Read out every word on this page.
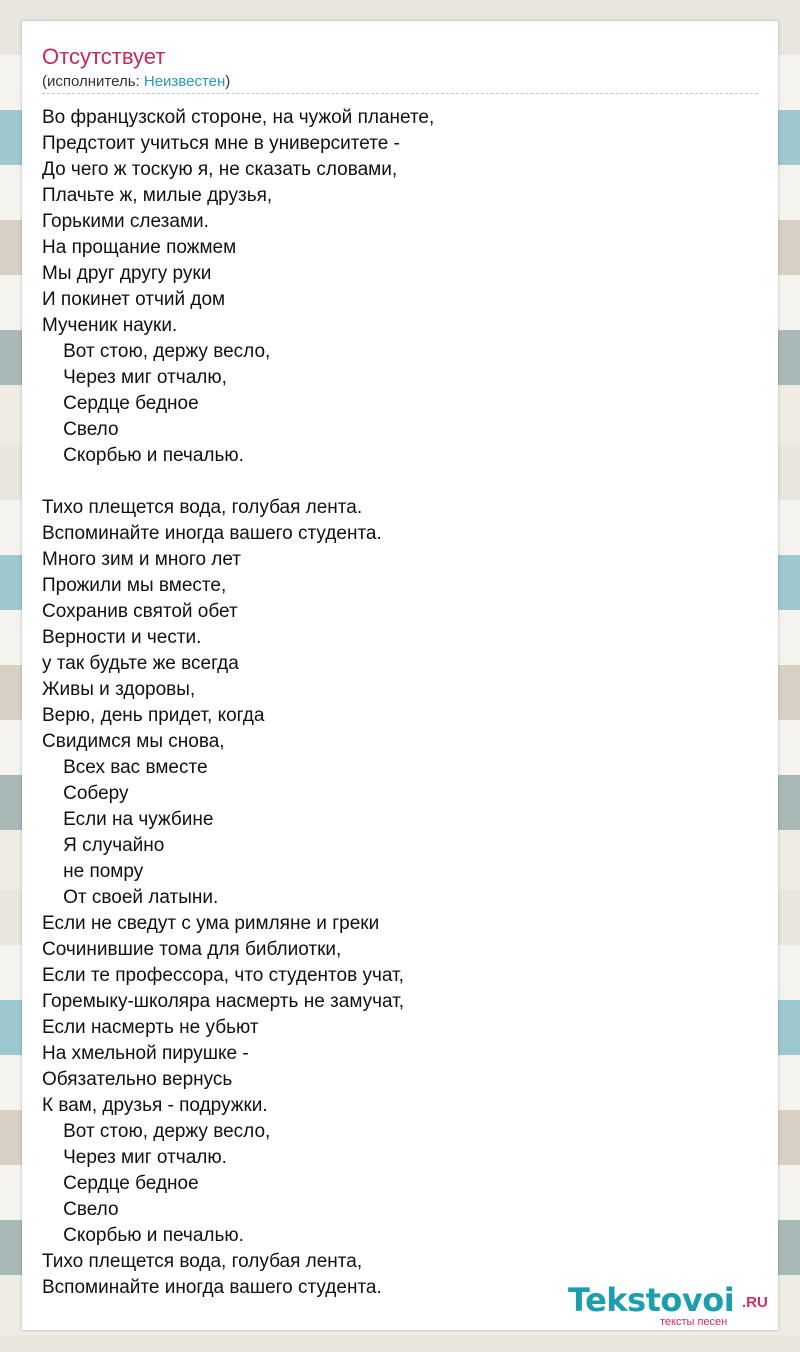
Отсутствует
(исполнитель: Неизвестен)
Во французской стороне, на чужой планете,
Предстоит учиться мне в университете -
До чего ж тоскую я, не сказать словами,
Плачьте ж, милые друзья,
Горькими слезами.
На прощание пожмем
Мы друг другу руки
И покинет отчий дом
Мученик науки.
Вот стою, держу весло,
Через миг отчалю,
Сердце бедное
Свело
Скорбью и печалью.

Тихо плещется вода, голубая лента.
Вспоминайте иногда вашего студента.
Много зим и много лет
Прожили мы вместе,
Сохранив святой обет
Верности и чести.
у так будьте же всегда
Живы и здоровы,
Верю, день придет, когда
Свидимся мы снова,
Всех вас вместе
Соберу
Если на чужбине
Я случайно
не помру
От своей латыни.
Если не сведут с ума римляне и греки
Сочинившие тома для библиотки,
Если те профессора, что студентов учат,
Горемыку-школяра насмерть не замучат,
Если насмерть не убьют
На хмельной пирушке -
Обязательно вернусь
К вам, друзья - подружки.
Вот стою, держу весло,
Через миг отчалю.
Сердце бедное
Свело
Скорбью и печалью.
Тихо плещется вода, голубая лента,
Вспоминайте иногда вашего студента.	Tekstovoi .RU
тексты песен
